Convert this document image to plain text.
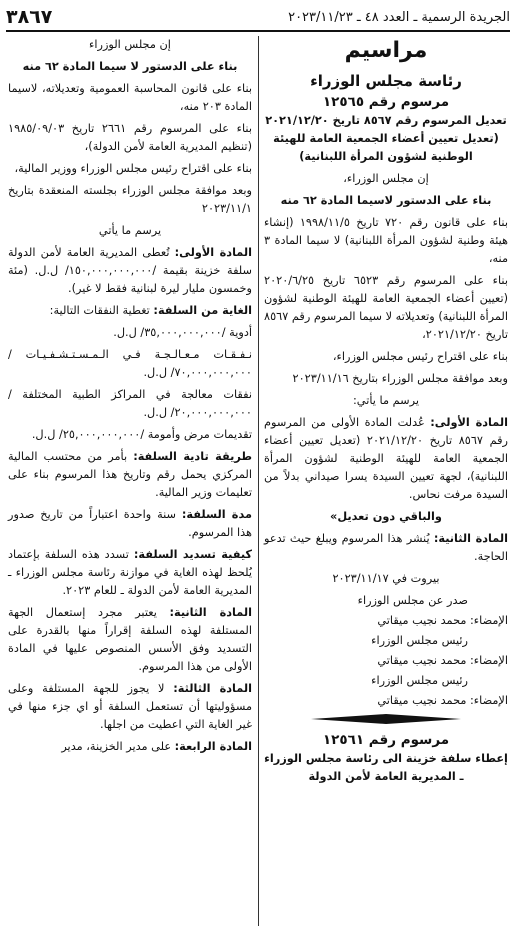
الجريدة الرسمية ـ العدد ٤٨ ـ ٢٠٢٣/١١/٢٣
٣٨٦٧
مراسيم
رئاسة مجلس الوزراء
مرسوم رقم ١٢٥٦٥

تعديل المرسوم رقم ٨٥٦٧ تاريخ ٢٠٢١/١٢/٢٠ (تعديل تعيين أعضاء الجمعية العامة للهيئة الوطنية لشؤون المرأة اللبنانية)

إن مجلس الوزراء،

بناء على الدستور لاسيما المادة ٦٢ منه

بناء على قانون رقم ٧٢٠ تاريخ ١٩٩٨/١١/٥ (إنشاء هيئة وطنية لشؤون المرأة اللبنانية) لا سيما المادة ٣ منه،

بناء على المرسوم رقم ٦٥٢٣ تاريخ ٢٠٢٠/٦/٢٥ (تعيين أعضاء الجمعية العامة للهيئة الوطنية لشؤون المرأة اللبنانية) وتعديلاته لا سيما المرسوم رقم ٨٥٦٧ تاريخ ٢٠٢١/١٢/٢٠،

بناء على اقتراح رئيس مجلس الوزراء،

وبعد موافقة مجلس الوزراء بتاريخ ٢٠٢٣/١١/١٦

يرسم ما يأتي:

المادة الأولى: عُدلت المادة الأولى من المرسوم رقم ٨٥٦٧ تاريخ ٢٠٢١/١٢/٢٠ (تعديل تعيين أعضاء الجمعية العامة للهيئة الوطنية لشؤون المرأة اللبنانية)، لجهة تعيين السيدة يسرا صيداني بدلاً من السيدة مرفت نحاس.

والباقي دون تعديل»

المادة الثانية: يُنشر هذا المرسوم ويبلغ حيث تدعو الحاجة.

بيروت في ٢٠٢٣/١١/١٧

صدر عن مجلس الوزراء
الإمضاء: محمد نجيب ميقاتي
رئيس مجلس الوزراء
الإمضاء: محمد نجيب ميقاتي
رئيس مجلس الوزراء
الإمضاء: محمد نجيب ميقاتي
مرسوم رقم ١٢٥٦١

إعطاء سلفة خزينة الى رئاسة مجلس الوزراء ـ المديرية العامة لأمن الدولة

إن مجلس الوزراء

بناء على الدستور لا سيما المادة ٦٢ منه

بناء على قانون المحاسبة العمومية وتعديلاته، لاسيما المادة ٢٠٣ منه،

بناء على المرسوم رقم ٢٦٦١ تاريخ ١٩٨٥/٠٩/٠٣ (تنظيم المديرية العامة لأمن الدولة)،

بناء على اقتراح رئيس مجلس الوزراء ووزير المالية،

وبعد موافقة مجلس الوزراء بجلسته المنعقدة بتاريخ ٢٠٢٣/١١/١

يرسم ما يأتي

المادة الأولى: تُعطى المديرية العامة لأمن الدولة سلفة خزينة بقيمة /١٥٠,٠٠٠,٠٠٠,٠٠٠/ ل.ل. (مئة وخمسون مليار ليرة لبنانية فقط لا غير).

الغاية من السلفة: تغطية النفقات التالية:

أدوية /٣٥,٠٠٠,٠٠٠,٠٠٠/ ل.ل.

نـفـقـات مـعـالـجـة فـي الـمـسـتـشـفـيـات /٧٠,٠٠٠,٠٠٠,٠٠٠/ ل.ل.

نفقات معالجة في المراكز الطبية المختلفة /٢٠,٠٠٠,٠٠٠,٠٠٠/ ل.ل.

تقديمات مرض وأمومة /٢٥,٠٠٠,٠٠٠,٠٠٠/ ل.ل.

طريقة تادية السلفة: بأمر من محتسب المالية المركزي يحمل رقم وتاريخ هذا المرسوم بناء على تعليمات وزير المالية.

مدة السلفة: سنة واحدة اعتباراً من تاريخ صدور هذا المرسوم.

كيفية تسديد السلفة: تسدد هذه السلفة بإعتماد يُلحظ لهذه الغاية في موازنة رئاسة مجلس الوزراء ـ المديرية العامة لأمن الدولة ـ للعام ٢٠٢٣.

المادة الثانية: يعتبر مجرد إستعمال الجهة المستلفة لهذه السلفة إقراراً منها بالقدرة على التسديد وفق الأسس المنصوص عليها في المادة الأولى من هذا المرسوم.

المادة الثالثة: لا يجوز للجهة المستلفة وعلى مسؤوليتها أن تستعمل السلفة أو اي جزء منها في غير الغاية التي اعطيت من اجلها.

المادة الرابعة: على مدير الخزينة، مدير
